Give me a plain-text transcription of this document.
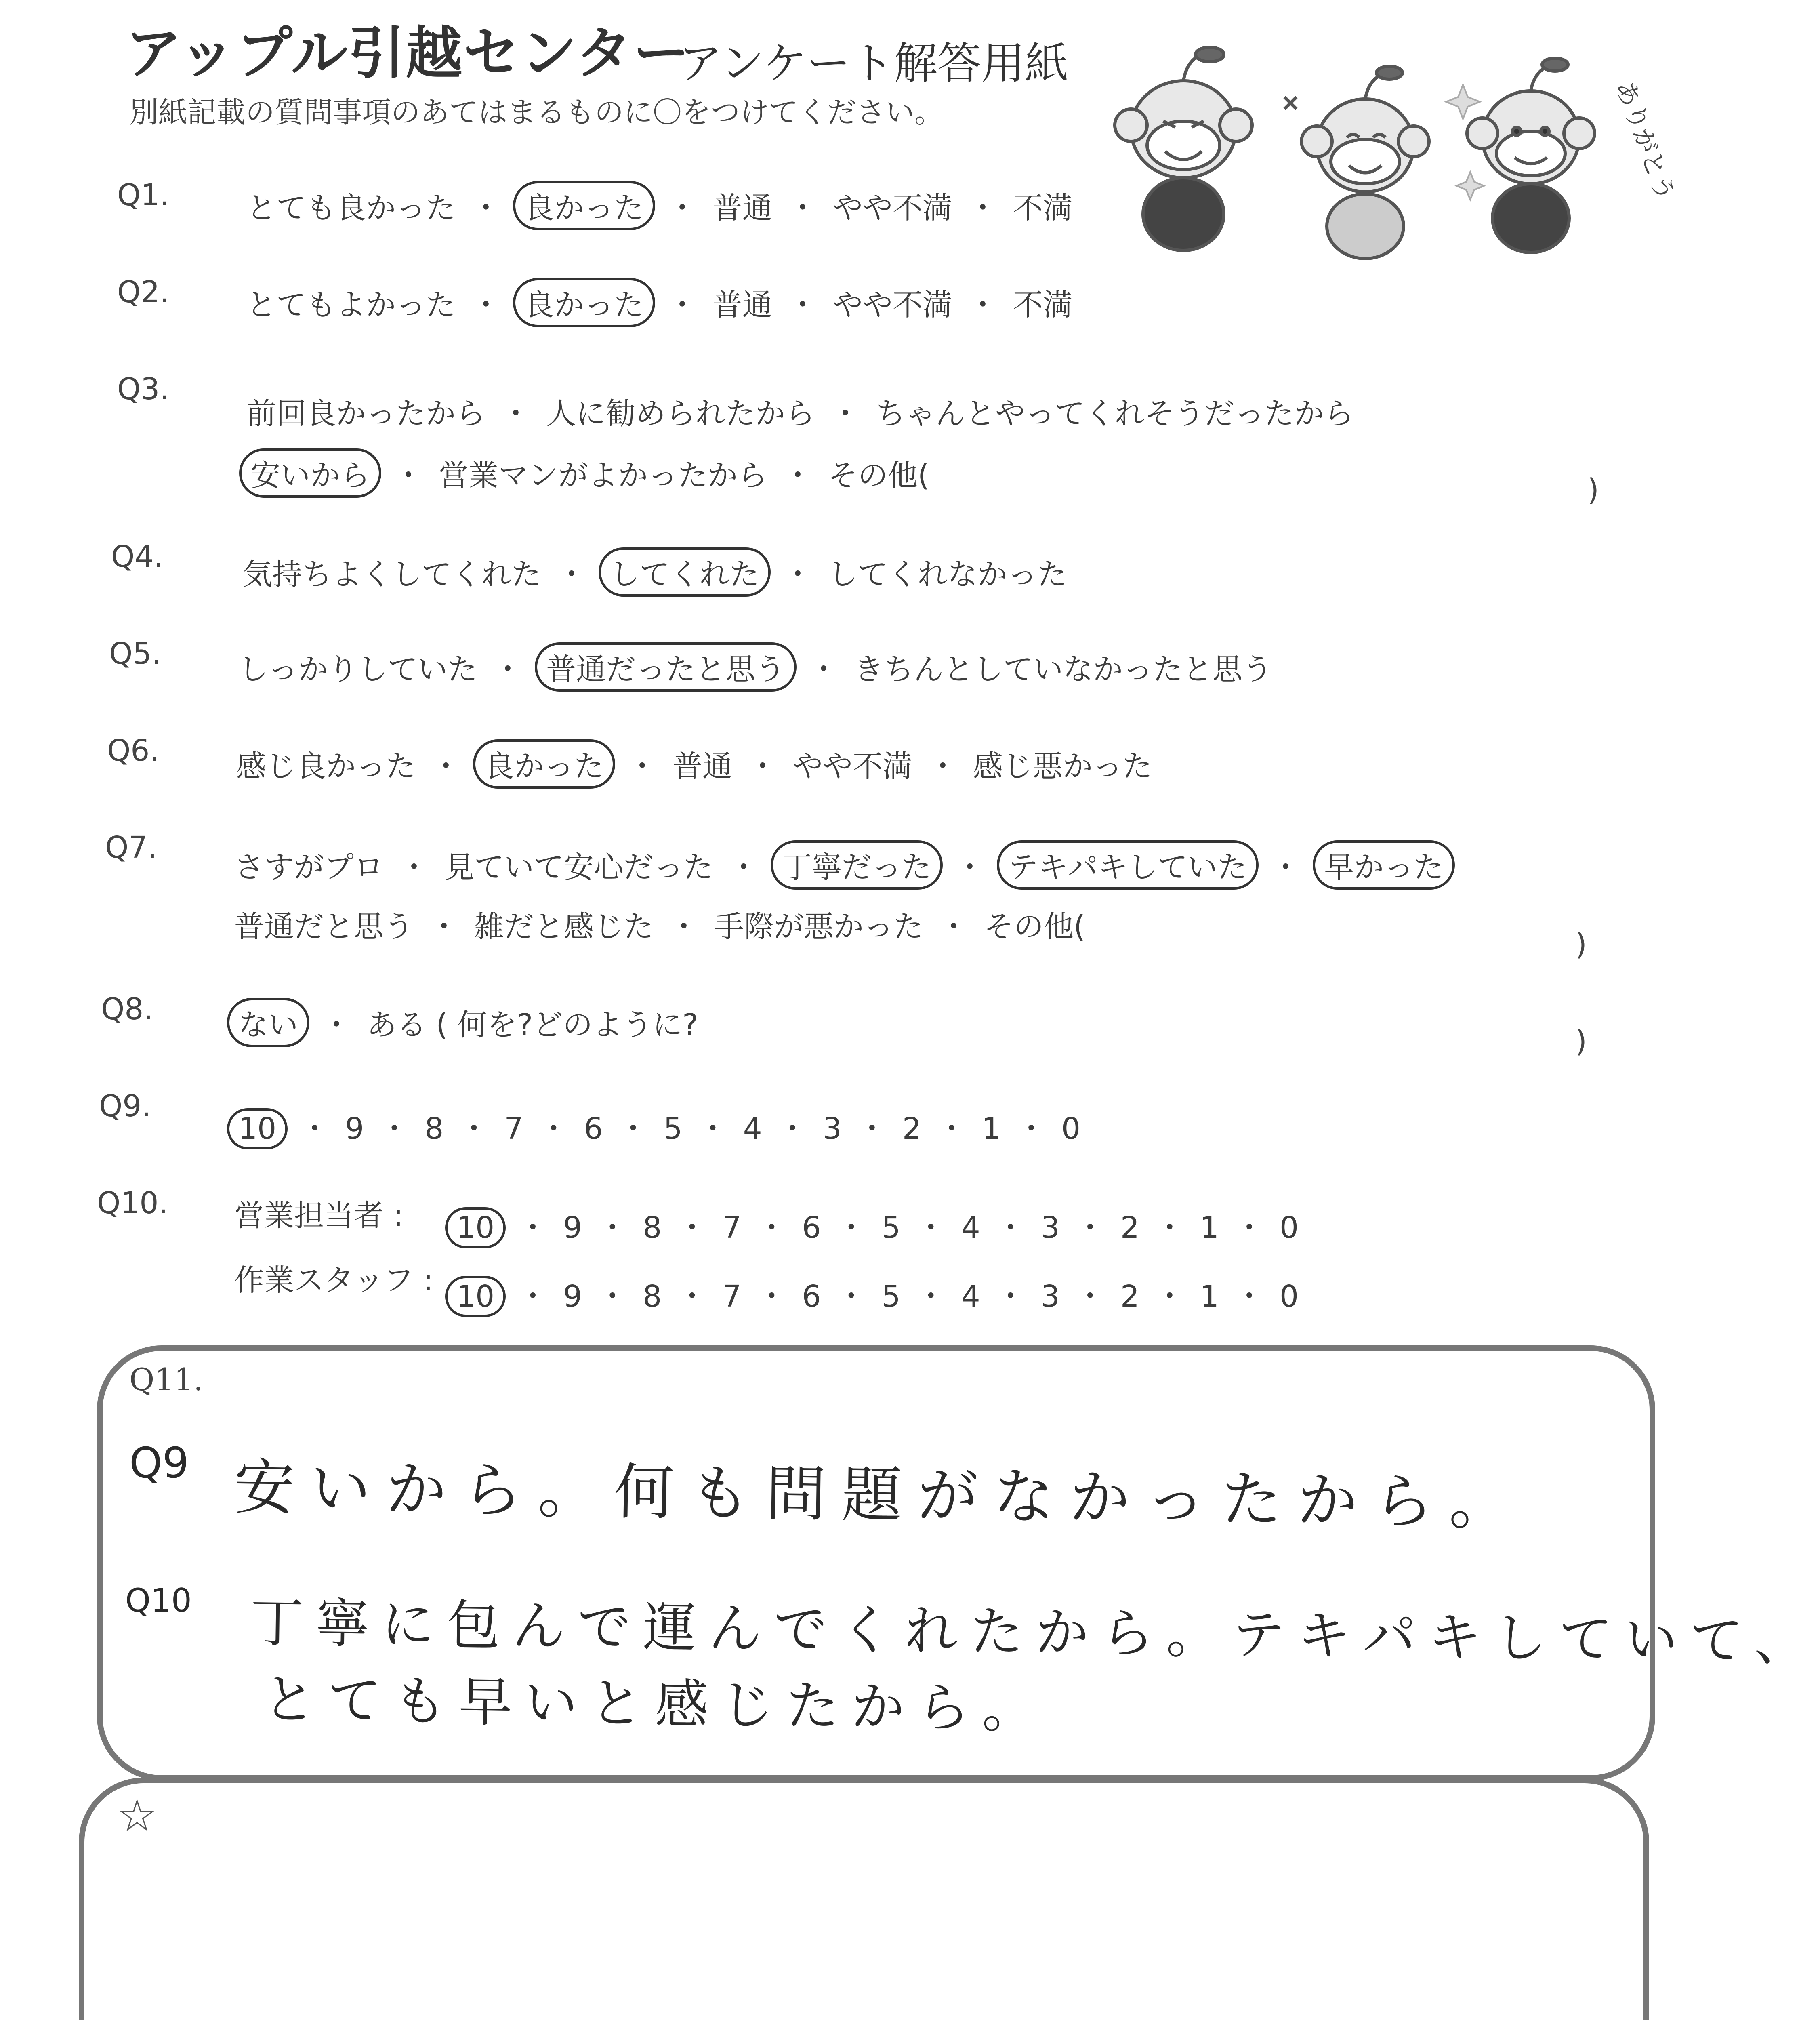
アップル引越センター
アンケート解答用紙
別紙記載の質問事項のあてはまるものに〇をつけてください。	ありがとう
Q1.	とても良かった ・ 良かった ・ 普通 ・ やや不満 ・ 不満
Q2.	とてもよかった ・ 良かった ・ 普通 ・ やや不満 ・ 不満
Q3.
前回良かったから ・ 人に勧められたから ・ ちゃんとやってくれそうだったから
安いから ・ 営業マンがよかったから ・ その他(	)
Q4.
気持ちよくしてくれた ・ してくれた ・ してくれなかった
Q5.	しっかりしていた ・ 普通だったと思う ・ きちんとしていなかったと思う
Q6.	感じ良かった ・ 良かった ・ 普通 ・ やや不満 ・ 感じ悪かった
Q7.
さすがプロ ・ 見ていて安心だった ・ 丁寧だった ・ テキパキしていた ・ 早かった
普通だと思う ・ 雑だと感じた ・ 手際が悪かった ・ その他(
)
Q8.	ない ・ ある ( 何を?どのように?	)
Q9.
10 ・ 9 ・ 8 ・ 7 ・ 6 ・ 5 ・ 4 ・ 3 ・ 2 ・ 1 ・ 0
Q10. 営業担当者 : 10 ・ 9 ・ 8 ・ 7 ・ 6 ・ 5 ・ 4 ・ 3 ・ 2 ・ 1 ・ 0
作業スタッフ : 10 ・ 9 ・ 8 ・ 7 ・ 6 ・ 5 ・ 4 ・ 3 ・ 2 ・ 1 ・ 0
Q11.
Q9 安いから。何も問題がなかったから。
Q10 丁寧に包んで運んでくれたから。テキパキしていて、
とても早いと感じたから。
☆
